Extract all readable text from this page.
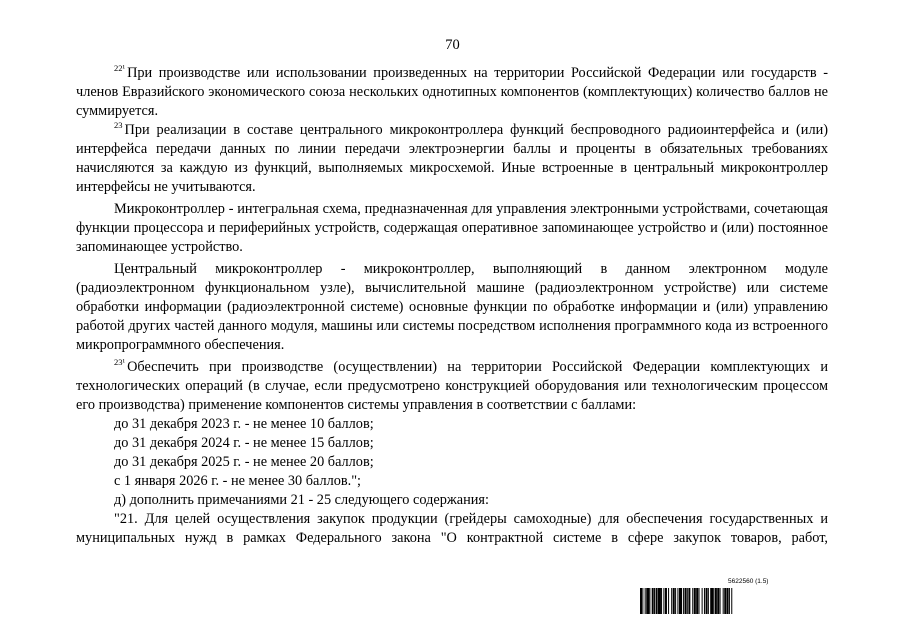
70

$^{22^1}$ При производстве или использовании произведенных на территории Российской Федерации или государств - членов Евразийского экономического союза нескольких однотипных компонентов (комплектующих) количество баллов не суммируется.

$^{23}$ При реализации в составе центрального микроконтроллера функций беспроводного радиоинтерфейса и (или) интерфейса передачи данных по линии передачи электроэнергии баллы и проценты в обязательных требованиях начисляются за каждую из функций, выполняемых микросхемой. Иные встроенные в центральный микроконтроллер интерфейсы не учитываются.

Микроконтроллер - интегральная схема, предназначенная для управления электронными устройствами, сочетающая функции процессора и периферийных устройств, содержащая оперативное запоминающее устройство и (или) постоянное запоминающее устройство.

Центральный микроконтроллер - микроконтроллер, выполняющий в данном электронном модуле (радиоэлектронном функциональном узле), вычислительной машине (радиоэлектронном устройстве) или системе обработки информации (радиоэлектронной системе) основные функции по обработке информации и (или) управлению работой других частей данного модуля, машины или системы посредством исполнения программного кода из встроенного микропрограммного обеспечения.

$^{23^1}$ Обеспечить при производстве (осуществлении) на территории Российской Федерации комплектующих и технологических операций (в случае, если предусмотрено конструкцией оборудования или технологическим процессом его производства) применение компонентов системы управления в соответствии с баллами:

до 31 декабря 2023 г. - не менее 10 баллов;

до 31 декабря 2024 г. - не менее 15 баллов;

до 31 декабря 2025 г. - не менее 20 баллов;

с 1 января 2026 г. - не менее 30 баллов.";

д) дополнить примечаниями 21 - 25 следующего содержания:

"21. Для целей осуществления закупок продукции (грейдеры самоходные) для обеспечения государственных и муниципальных нужд в рамках Федерального закона "О контрактной системе в сфере закупок товаров, работ,

5622560 (1.5)
